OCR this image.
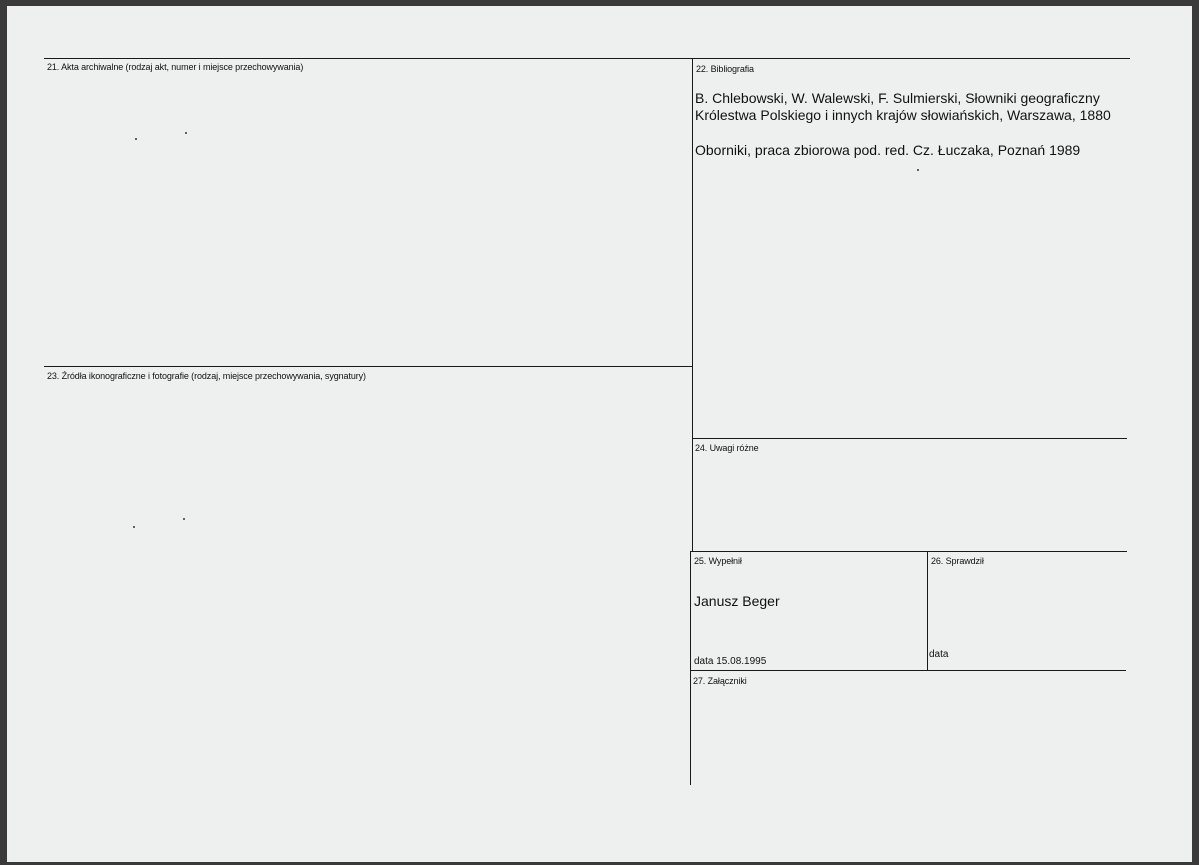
21. Akta archiwalne (rodzaj akt, numer i miejsce przechowywania)	22. Bibliografia
B. Chlebowski, W. Walewski, F. Sulmierski, Słowniki geograficzny
Królestwa Polskiego i innych krajów słowiańskich, Warszawa, 1880
Oborniki, praca zbiorowa pod. red. Cz. Łuczaka, Poznań 1989
23. Źródła ikonograficzne i fotografie (rodzaj, miejsce przechowywania, sygnatury)
24. Uwagi różne
25. Wypełnił
Janusz Beger
data 15.08.1995
26. Sprawdził
data
27. Załączniki
